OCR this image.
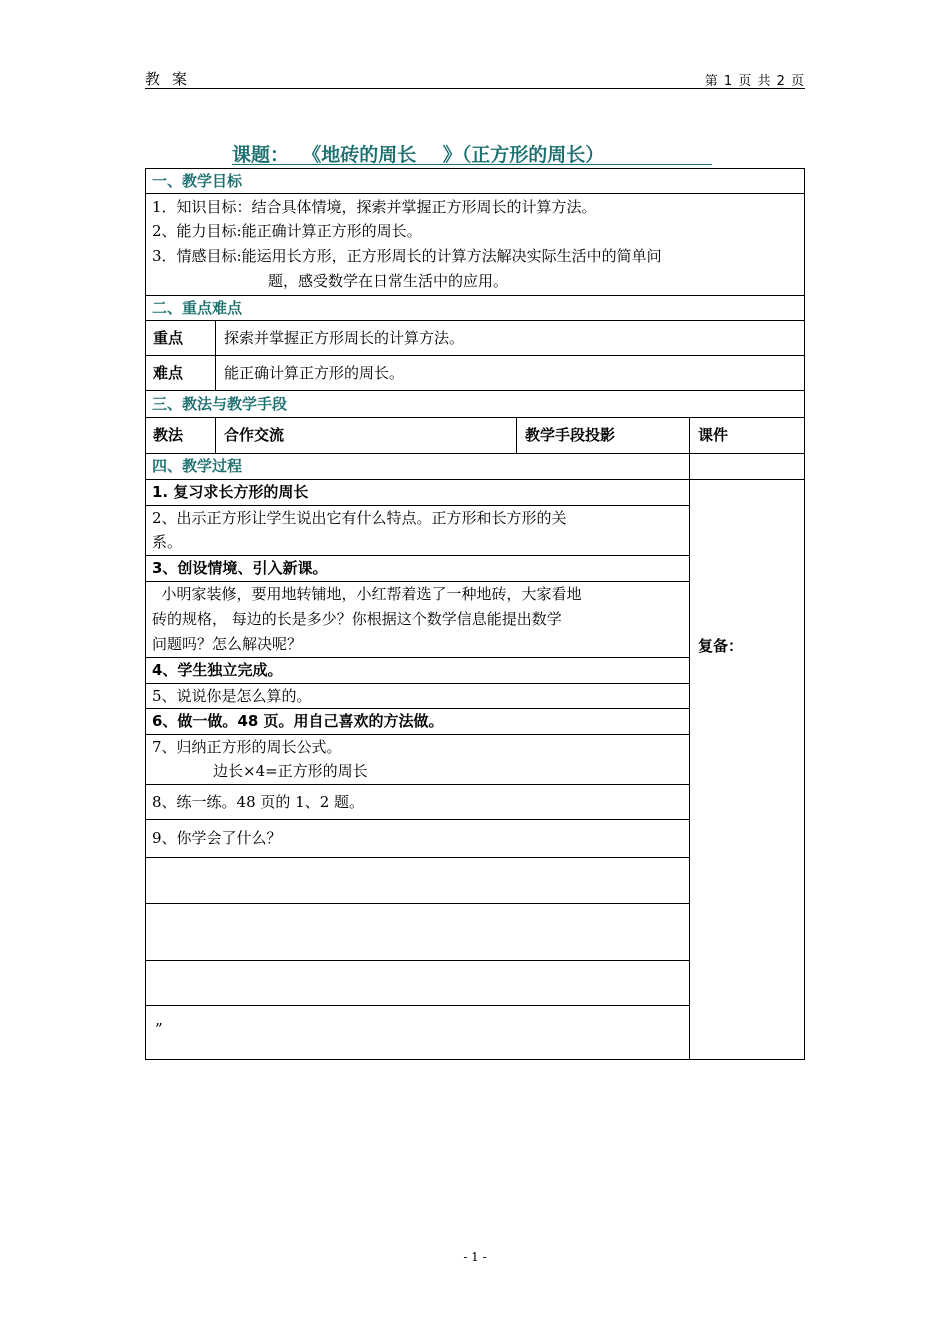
教案	第 1 页 共 2 页
课题：  《地砖的周长    》（正方形的周长）
一、教学目标
1．知识目标：结合具体情境，探索并掌握正方形周长的计算方法。
2、能力目标:能正确计算正方形的周长。
3．情感目标:能运用长方形，正方形周长的计算方法解决实际生活中的简单问
题，感受数学在日常生活中的应用。
二、重点难点
重点	探索并掌握正方形周长的计算方法。
难点	能正确计算正方形的周长。
三、教法与教学手段
教法	合作交流	教学手段投影	课件
四、教学过程
复备：
1. 复习求长方形的周长
2、出示正方形让学生说出它有什么特点。正方形和长方形的关
系。
3、创设情境、引入新课。
小明家装修，要用地转铺地，小红帮着选了一种地砖，大家看地
砖的规格， 每边的长是多少？你根据这个数学信息能提出数学
问题吗？怎么解决呢？
4、学生独立完成。
5、说说你是怎么算的。
6、做一做。48 页。用自己喜欢的方法做。
7、归纳正方形的周长公式。
边长×4=正方形的周长
8、练一练。48 页的 1、2 题。
9、你学会了什么？
”
- 1 -
